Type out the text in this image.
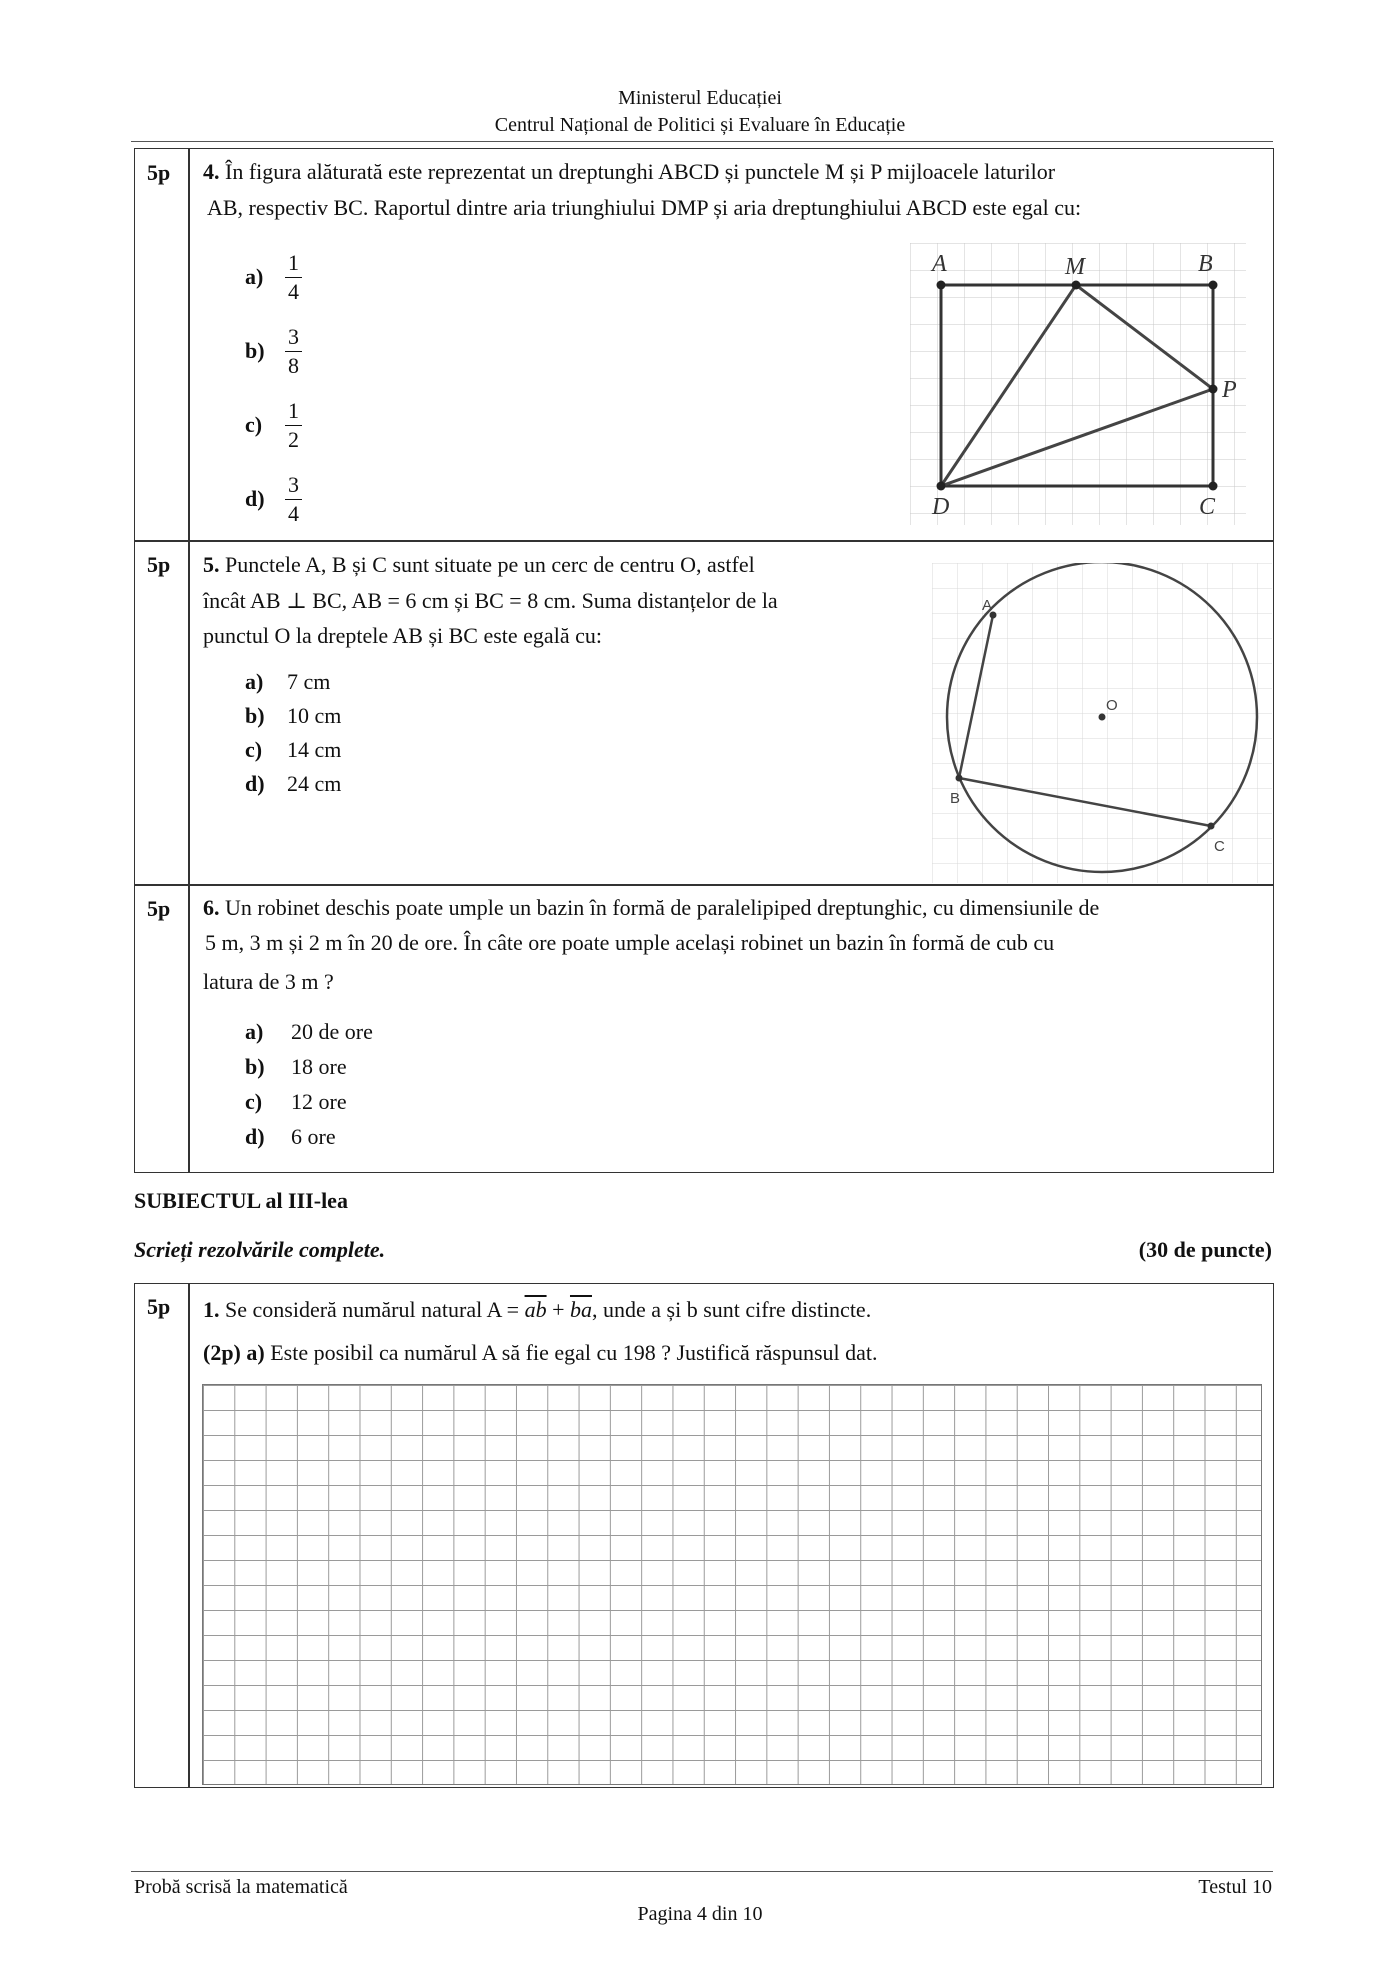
Ministerul Educației
Centrul Național de Politici și Evaluare în Educație
5p 4. În figura alăturată este reprezentat un dreptunghi ABCD și punctele M și P mijloacele laturilor
AB, respectiv BC. Raportul dintre aria triunghiului DMP și aria dreptunghiului ABCD este egal cu:
$a) \frac{1}{4}$
$b) \frac{3}{8}$
c)	$\frac{1}{2}$
$d) \frac{3}{4}$
A	M	B
P
D	C
5p 5. Punctele A, B și C sunt situate pe un cerc de centru O, astfel
încât AB ⊥ BC, AB = 6 cm și BC = 8 cm. Suma distanțelor de la
punctul O la dreptele AB și BC este egală cu:
a)	7 cm
b)	10 cm
c)	14 cm
d)	24 cm
A
B
C
O
5p 6. Un robinet deschis poate umple un bazin în formă de paralelipiped dreptunghic, cu dimensiunile de
5 m, 3 m și 2 m în 20 de ore. În câte ore poate umple același robinet un bazin în formă de cub cu
latura de 3 m ?
a)	20 de ore
b)	18 ore
c)	12 ore
d)	6 ore
SUBIECTUL al III-lea
Scrieți rezolvările complete.	(30 de puncte)
5p 1. Se consideră numărul natural $A = \overline{ab} + \overline{ba}$, unde a și b sunt cifre distincte.
(2p) a) Este posibil ca numărul A să fie egal cu 198 ? Justifică răspunsul dat.
Probă scrisă la matematică	Testul 10
Pagina 4 din 10
